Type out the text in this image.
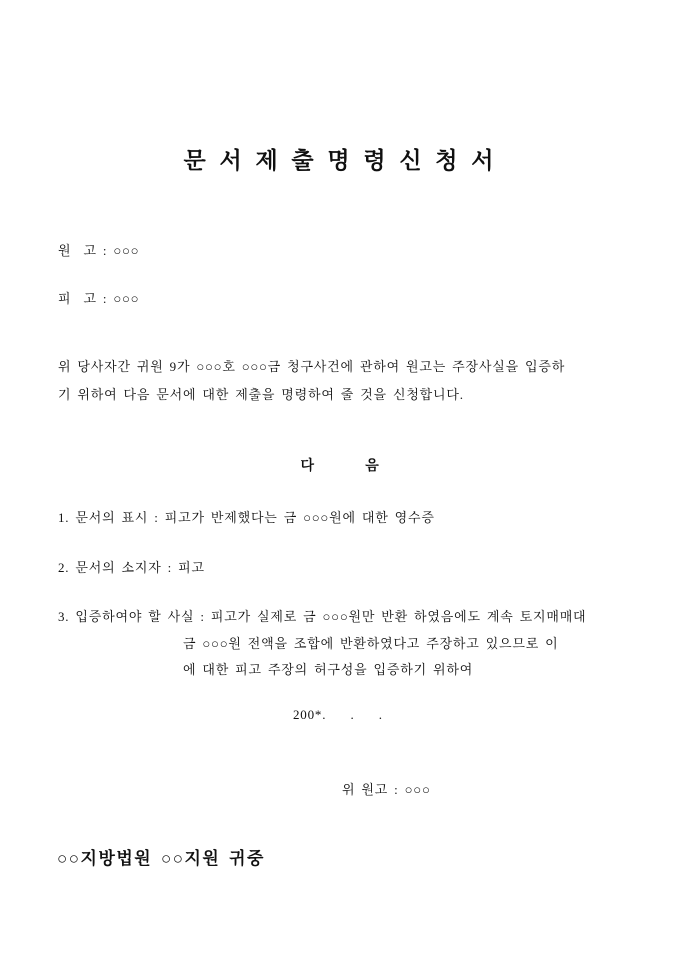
문 서 제 출 명 령 신 청 서
원  고 : ○○○
피  고 : ○○○
위 당사자간 귀원 9가 ○○○호 ○○○금 청구사건에 관하여 원고는 주장사실을 입증하
기 위하여 다음 문서에 대한 제출을 명령하여 줄 것을 신청합니다.
다        음
1. 문서의 표시 : 피고가 반제했다는 금 ○○○원에 대한 영수증
2. 문서의 소지자 : 피고
3. 입증하여야 할 사실 : 피고가 실제로 금 ○○○원만 반환 하였음에도 계속 토지매매대
금 ○○○원 전액을 조합에 반환하였다고 주장하고 있으므로 이
에 대한 피고 주장의 허구성을 입증하기 위하여
200*.    .    .
위 원고 : ○○○
○○지방법원 ○○지원 귀중
